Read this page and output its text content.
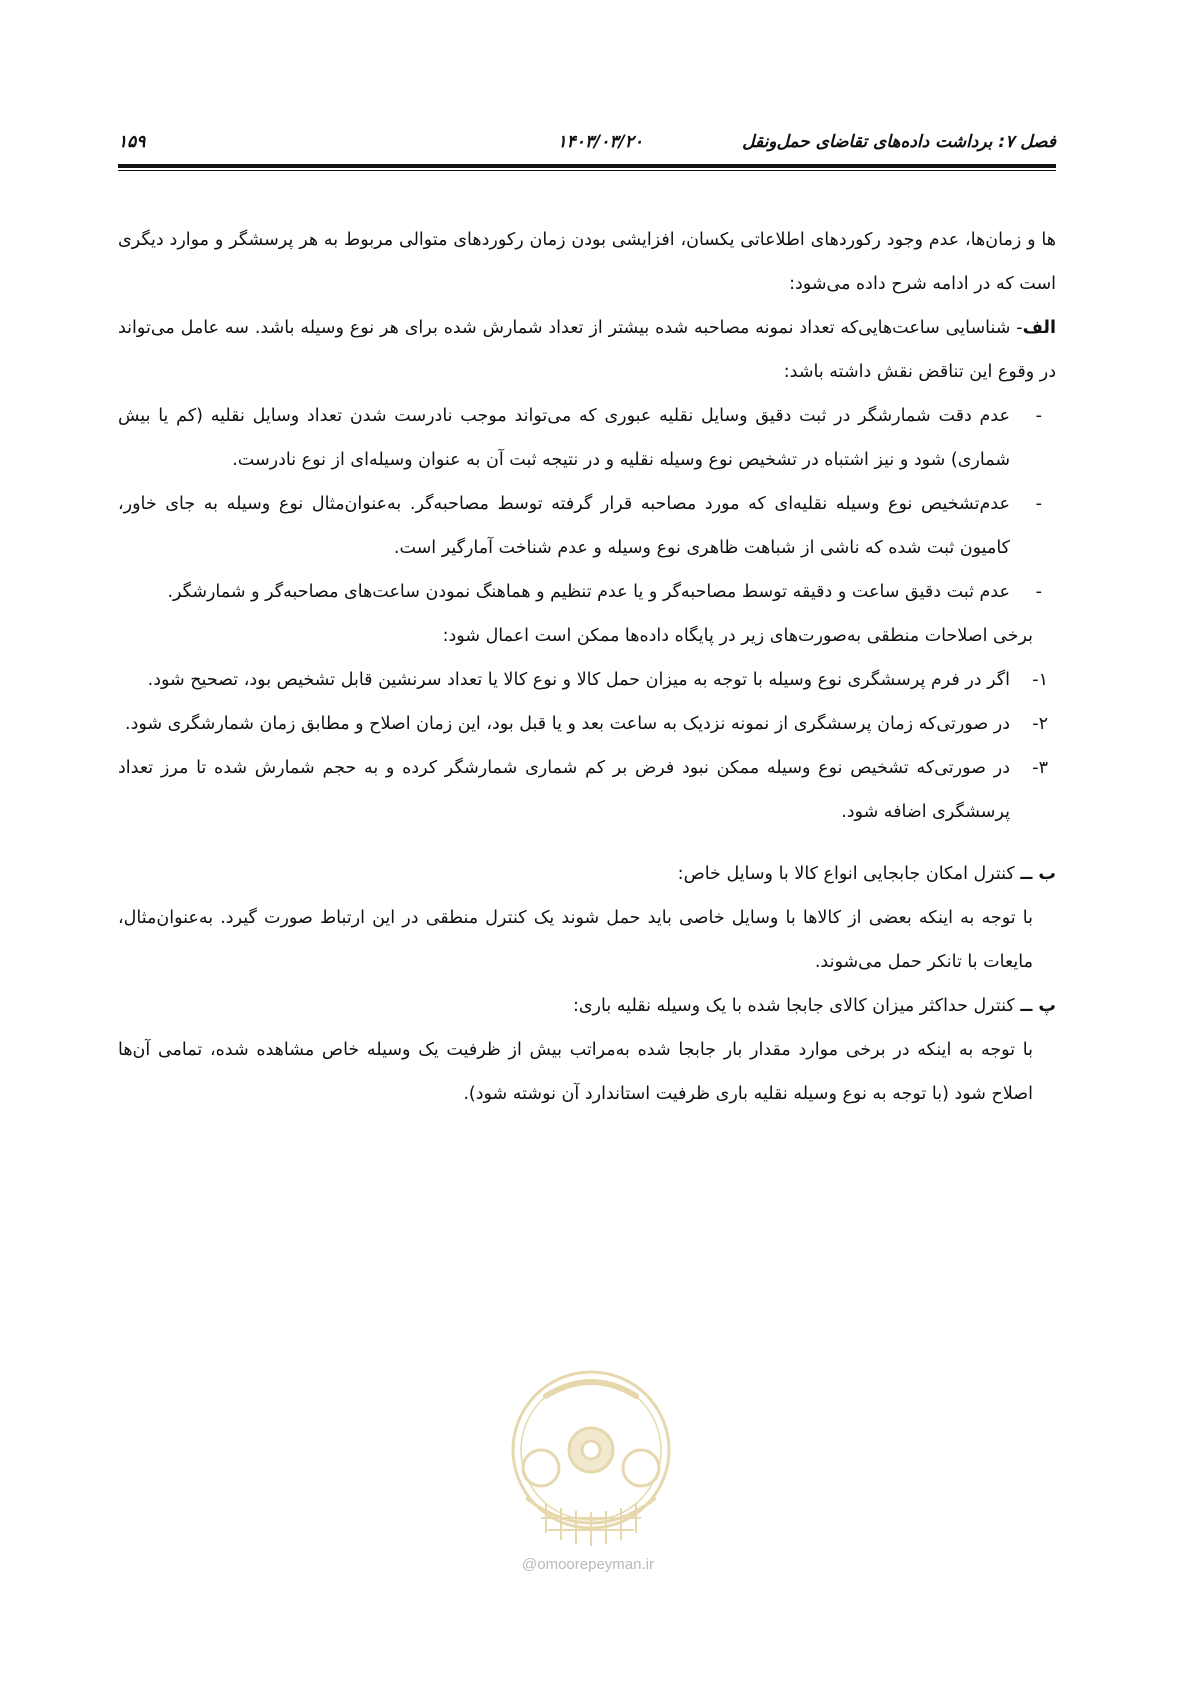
فصل ۷: برداشت داده‌های تقاضای حمل‌ونقل
۱۴۰۳/۰۳/۲۰
۱۵۹

ها و زمان‌ها، عدم وجود رکوردهای اطلاعاتی یکسان، افزایشی بودن زمان رکوردهای متوالی مربوط به هر پرسشگر و موارد دیگری است که در ادامه شرح داده می‌شود:

الف- شناسایی ساعت‌هایی‌که تعداد نمونه مصاحبه شده بیشتر از تعداد شمارش شده برای هر نوع وسیله باشد. سه عامل می‌تواند در وقوع این تناقض نقش داشته باشد:

-
عدم دقت شمارشگر در ثبت دقیق وسایل نقلیه عبوری که می‌تواند موجب نادرست شدن تعداد وسایل نقلیه (کم یا بیش شماری) شود و نیز اشتباه در تشخیص نوع وسیله نقلیه و در نتیجه ثبت آن به عنوان وسیله‌ای از نوع نادرست.

-
عدم‌تشخیص نوع وسیله نقلیه‌ای که مورد مصاحبه قرار گرفته توسط مصاحبه‌گر. به‌عنوان‌مثال نوع وسیله به جای خاور، کامیون ثبت شده که ناشی از شباهت ظاهری نوع وسیله و عدم شناخت آمارگیر است.

-
عدم ثبت دقیق ساعت و دقیقه توسط مصاحبه‌گر و یا عدم تنظیم و هماهنگ نمودن ساعت‌های مصاحبه‌گر و شمارشگر.

برخی اصلاحات منطقی به‌صورت‌های زیر در پایگاه داده‌ها ممکن است اعمال شود:

۱-
اگر در فرم پرسشگری نوع وسیله با توجه به میزان حمل کالا و نوع کالا یا تعداد سرنشین قابل تشخیص بود، تصحیح شود.

۲-
در صورتی‌که زمان پرسشگری از نمونه نزدیک به ساعت بعد و یا قبل بود، این زمان اصلاح و مطابق زمان شمارشگری شود.

۳-
در صورتی‌که تشخیص نوع وسیله ممکن نبود فرض بر کم شماری شمارشگر کرده و به حجم شمارش شده تا مرز تعداد پرسشگری اضافه شود.

ب ــ کنترل امکان جابجایی انواع کالا با وسایل خاص:

با توجه به اینکه بعضی از کالاها با وسایل خاصی باید حمل شوند یک کنترل منطقی در این ارتباط صورت گیرد. به‌عنوان‌مثال، مایعات با تانکر حمل می‌شوند.

پ ــ کنترل حداکثر میزان کالای جابجا شده با یک وسیله نقلیه باری:

با توجه به اینکه در برخی موارد مقدار بار جابجا شده به‌مراتب بیش از ظرفیت یک وسیله خاص مشاهده شده، تمامی آن‌ها اصلاح شود (با توجه به نوع وسیله نقلیه باری ظرفیت استاندارد آن نوشته شود).

@omoorepeyman.ir
